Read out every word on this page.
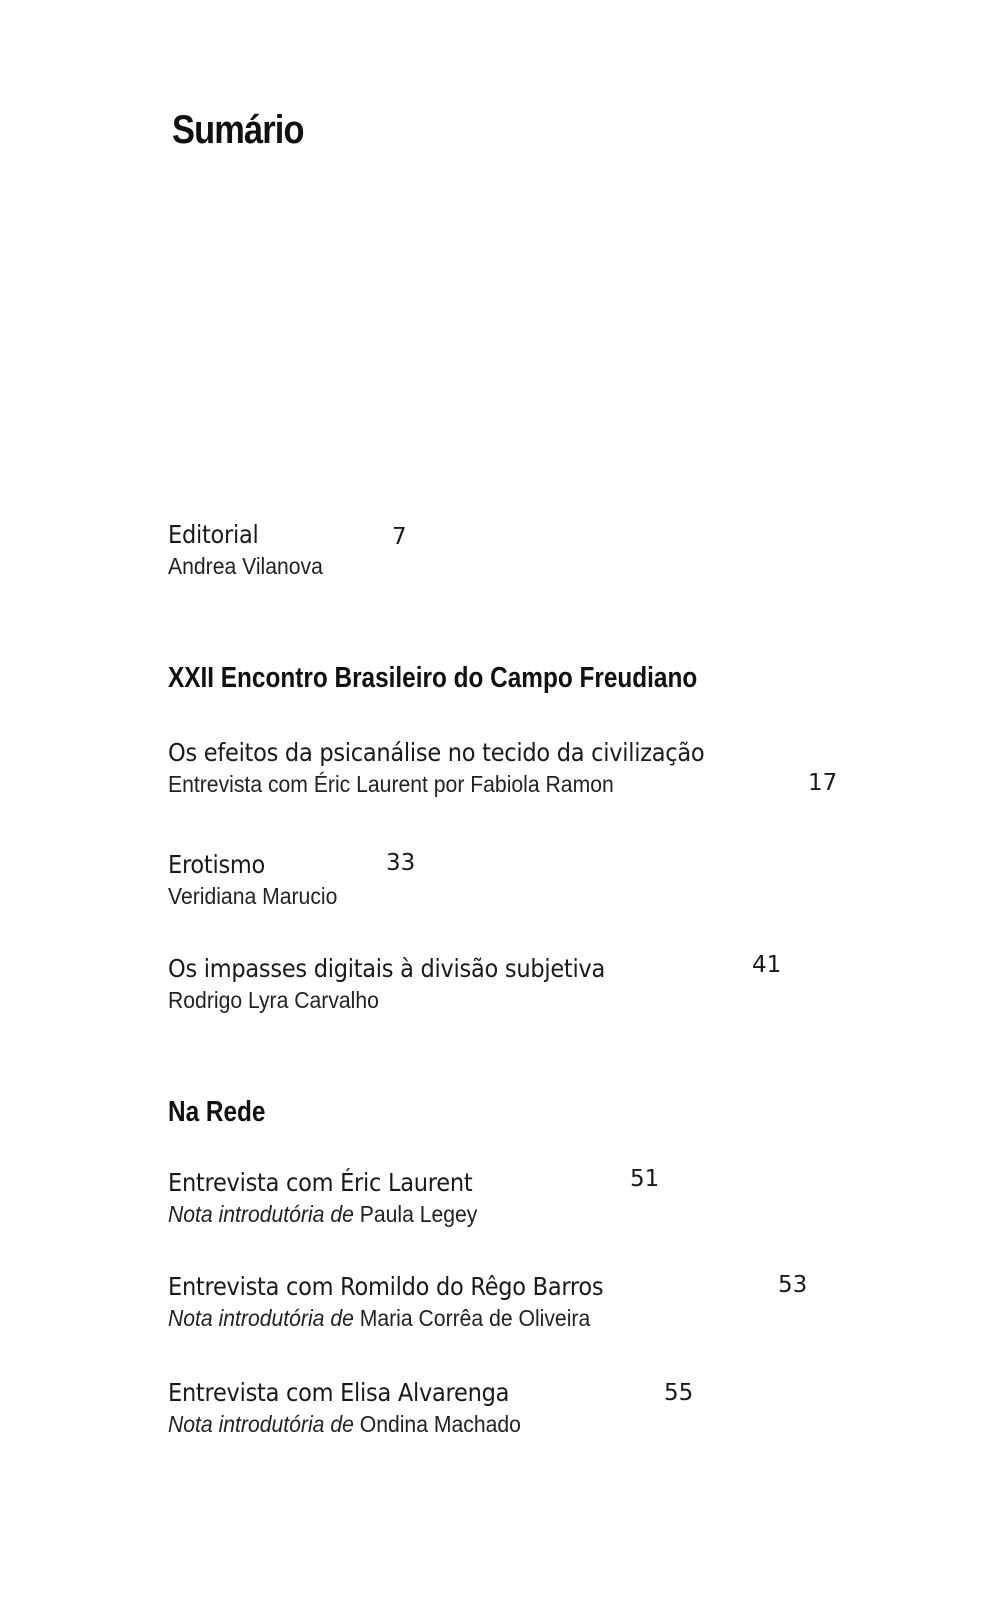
Sumário
Editorial
Andrea Vilanova
7
XXII Encontro Brasileiro do Campo Freudiano
Os efeitos da psicanálise no tecido da civilização
Entrevista com Éric Laurent por Fabiola Ramon	17
Erotismo
Veridiana Marucio
33
Os impasses digitais à divisão subjetiva
Rodrigo Lyra Carvalho
41
Na Rede
Entrevista com Éric Laurent
Nota introdutória de Paula Legey
51
Entrevista com Romildo do Rêgo Barros
Nota introdutória de Maria Corrêa de Oliveira
53
Entrevista com Elisa Alvarenga
Nota introdutória de Ondina Machado
55
